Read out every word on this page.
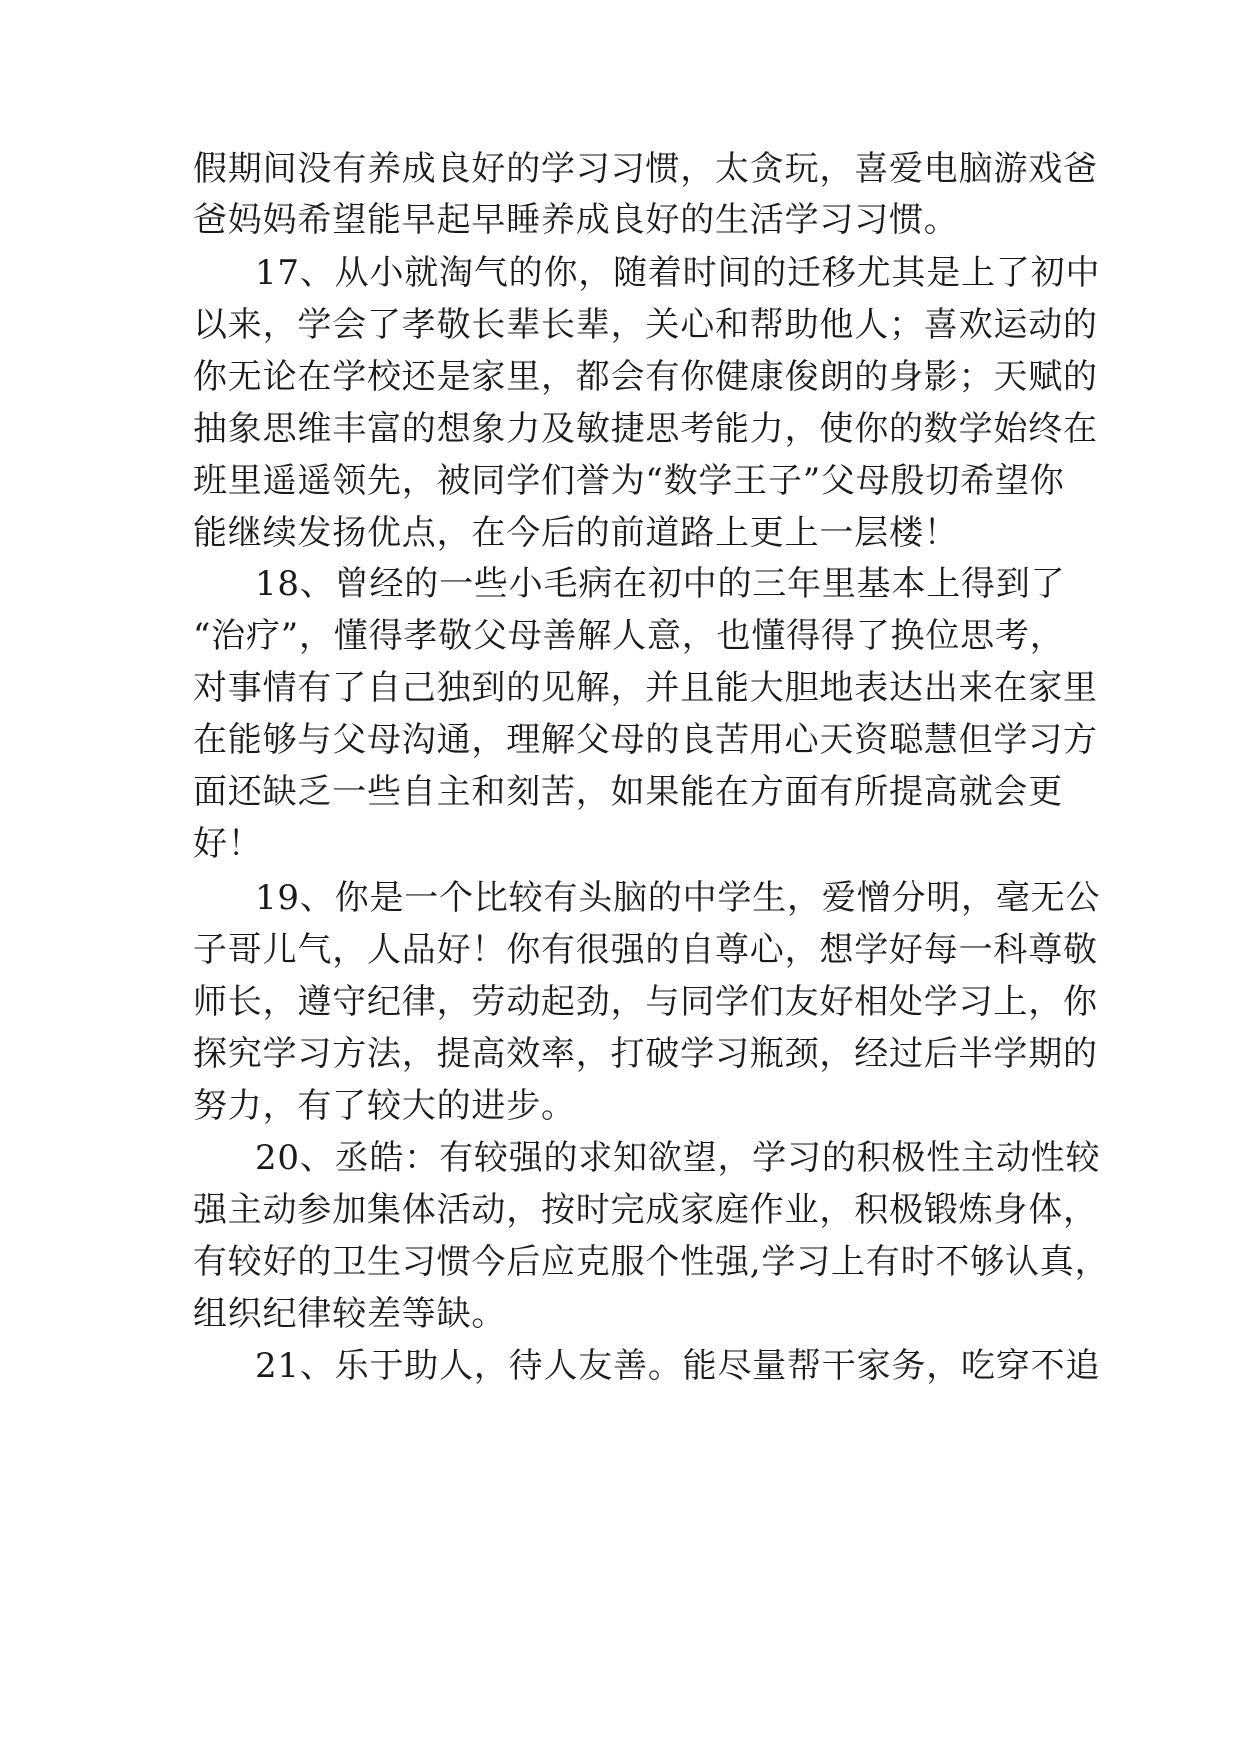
假期间没有养成良好的学习习惯，太贪玩，喜爱电脑游戏爸
爸妈妈希望能早起早睡养成良好的生活学习习惯。
17、从小就淘气的你，随着时间的迁移尤其是上了初中
以来，学会了孝敬长辈长辈，关心和帮助他人；喜欢运动的
你无论在学校还是家里，都会有你健康俊朗的身影；天赋的
抽象思维丰富的想象力及敏捷思考能力，使你的数学始终在
班里遥遥领先，被同学们誉为“数学王子”父母殷切希望你
能继续发扬优点，在今后的前道路上更上一层楼！
18、曾经的一些小毛病在初中的三年里基本上得到了
“治疗”，懂得孝敬父母善解人意，也懂得得了换位思考，
对事情有了自己独到的见解，并且能大胆地表达出来在家里
在能够与父母沟通，理解父母的良苦用心天资聪慧但学习方
面还缺乏一些自主和刻苦，如果能在方面有所提高就会更
好！
19、你是一个比较有头脑的中学生，爱憎分明，毫无公
子哥儿气，人品好！你有很强的自尊心，想学好每一科尊敬
师长，遵守纪律，劳动起劲，与同学们友好相处学习上，你
探究学习方法，提高效率，打破学习瓶颈，经过后半学期的
努力，有了较大的进步。
20、丞皓：有较强的求知欲望，学习的积极性主动性较
强主动参加集体活动，按时完成家庭作业，积极锻炼身体，
有较好的卫生习惯今后应克服个性强,学习上有时不够认真，
组织纪律较差等缺。
21、乐于助人，待人友善。能尽量帮干家务，吃穿不追
